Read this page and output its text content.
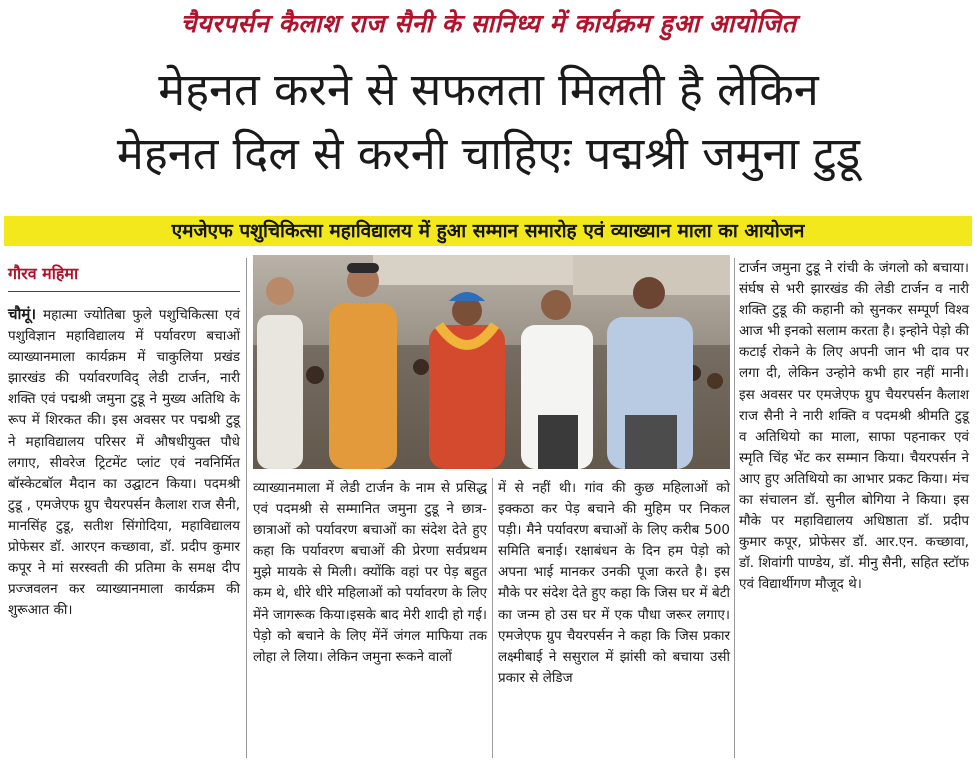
चैयरपर्सन कैलाश राज सैनी के सानिध्य में कार्यक्रम हुआ आयोजित
मेहनत करने से सफलता मिलती है लेकिन
मेहनत दिल से करनी चाहिएः पद्मश्री जमुना टुडू
एमजेएफ पशुचिकित्सा महाविद्यालय में हुआ सम्मान समारोह एवं व्याख्यान माला का आयोजन
गौरव महिमा
चौमूं। महात्मा ज्योतिबा फुले पशुचिकित्सा एवं पशुविज्ञान महाविद्यालय में पर्यावरण बचाओं व्याख्यानमाला कार्यक्रम में चाकुलिया प्रखंड झारखंड की पर्यावरणविद् लेडी टार्जन, नारी शक्ति एवं पद्मश्री जमुना टुडू ने मुख्य अतिथि के रूप में शिरकत की। इस अवसर पर पद्मश्री टुडू ने महाविद्यालय परिसर में औषधीयुक्त पौधे लगाए, सीवरेज ट्रिटमेंट प्लांट एवं नवनिर्मित बॉस्केटबॉल मैदान का उद्घाटन किया। पदमश्री टुडू , एमजेएफ ग्रुप चैयरपर्सन कैलाश राज सैनी, मानसिंह टुडू, सतीश सिंगोदिया, महाविद्यालय प्रोफेसर डॉ. आरएन कच्छावा, डॉ. प्रदीप कुमार कपूर ने मां सरस्वती की प्रतिमा के समक्ष दीप प्रज्जवलन कर व्याख्यानमाला कार्यक्रम की शुरूआत की।
व्याख्यानमाला में लेडी टार्जन के नाम से प्रसिद्ध एवं पदमश्री से सम्मानित जमुना टुडू ने छात्र-छात्राओं को पर्यावरण बचाओं का संदेश देते हुए कहा कि पर्यावरण बचाओं की प्रेरणा सर्वप्रथम मुझे मायके से मिली। क्योंकि वहां पर पेड़ बहुत कम थे, धीरे धीरे महिलाओं को पर्यावरण के लिए मेंने जागरूक किया।इसके बाद मेरी शादी हो गई। पेड़ो को बचाने के लिए मेंनें जंगल माफिया तक लोहा ले लिया। लेकिन जमुना रूकने वालों
में से नहीं थी। गांव की कुछ महिलाओं को इक्कठा कर पेड़ बचाने की मुहिम पर निकल पड़ी। मैने पर्यावरण बचाओं के लिए करीब 500 समिति बनाई। रक्षाबंधन के दिन हम पेड़ो को अपना भाई मानकर उनकी पूजा करते है। इस मौके पर संदेश देते हुए कहा कि जिस घर में बेटी का जन्म हो उस घर में एक पौधा जरूर लगाए। एमजेएफ ग्रुप चैयरपर्सन ने कहा कि जिस प्रकार लक्ष्मीबाई ने ससुराल में झांसी को बचाया उसी प्रकार से लेडिज
टार्जन जमुना टुडू ने रांची के जंगलो को बचाया। संर्घष से भरी झारखंड की लेडी टार्जन व नारी शक्ति टुडू की कहानी को सुनकर सम्पूर्ण विश्व आज भी इनको सलाम करता है। इन्होने पेड़ो की कटाई रोकने के लिए अपनी जान भी दाव पर लगा दी, लेकिन उन्होने कभी हार नहीं मानी। इस अवसर पर एमजेएफ ग्रुप चैयरपर्सन कैलाश राज सैनी ने नारी शक्ति व पदमश्री श्रीमति टुडू व अतिथियो का माला, साफा पहनाकर एवं स्मृति चिंह भेंट कर सम्मान किया। चैयरपर्सन ने आए हुए अतिथियो का आभार प्रकट किया। मंच का संचालन डॉ. सुनील बोगिया ने किया। इस मौके पर महाविद्यालय अधिष्ठाता डॉ. प्रदीप कुमार कपूर, प्रोफेसर डॉ. आर.एन. कच्छावा, डॉ. शिवांगी पाण्डेय, डॉ. मीनु सैनी, सहित स्टॉफ एवं विद्यार्थीगण मौजूद थे।
